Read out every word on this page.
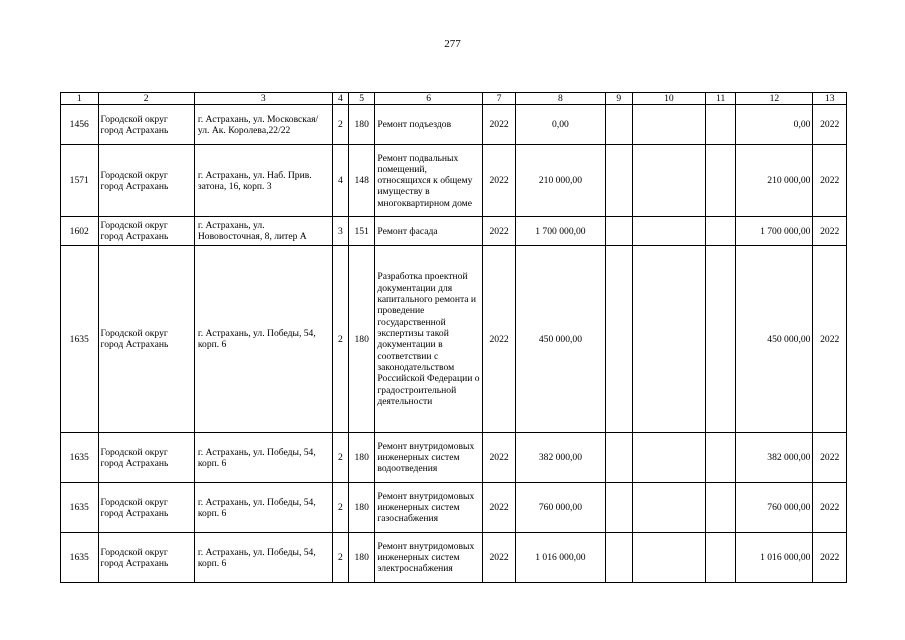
277
1	2	3	4	5	6	7	8	9	10	11	12	13
1456	Городской округ город Астрахань	г. Астрахань, ул. Московская/ ул. Ак. Королева,22/22	2	180	Ремонт подъездов	2022	0,00				0,00	2022
1571	Городской округ город Астрахань	г. Астрахань, ул. Наб. Прив. затона, 16, корп. 3	4	148	Ремонт подвальных помещений, относящихся к общему имуществу в многоквартирном доме	2022	210 000,00				210 000,00	2022
1602	Городской округ город Астрахань	г. Астрахань, ул. Нововосточная, 8, литер А	3	151	Ремонт фасада	2022	1 700 000,00				1 700 000,00	2022
1635	Городской округ город Астрахань	г. Астрахань, ул. Победы, 54, корп. 6	2	180	Разработка проектной документации для капитального ремонта и проведение государственной экспертизы такой документации в соответствии с законодательством Российской Федерации о градостроительной деятельности	2022	450 000,00				450 000,00	2022
1635	Городской округ город Астрахань	г. Астрахань, ул. Победы, 54, корп. 6	2	180	Ремонт внутридомовых инженерных систем водоотведения	2022	382 000,00				382 000,00	2022
1635	Городской округ город Астрахань	г. Астрахань, ул. Победы, 54, корп. 6	2	180	Ремонт внутридомовых инженерных систем газоснабжения	2022	760 000,00				760 000,00	2022
1635	Городской округ город Астрахань	г. Астрахань, ул. Победы, 54, корп. 6	2	180	Ремонт внутридомовых инженерных систем электроснабжения	2022	1 016 000,00				1 016 000,00	2022
